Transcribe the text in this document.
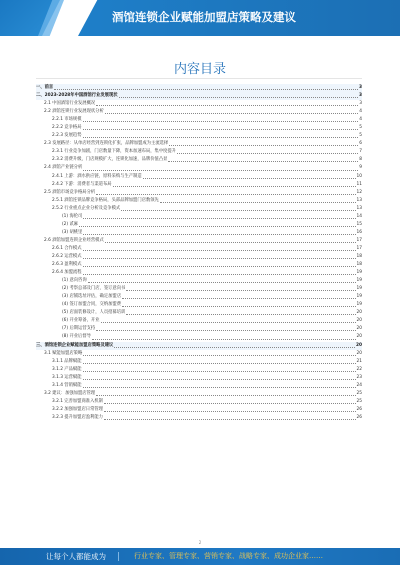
酒馆连锁企业赋能加盟店策略及建议
内容目录
一、前言	3
二、2023-2028年中国酒馆行业发展现状	3
2.1 中国酒馆行业发展概况	3
2.2 酒馆连锁行业发展现状分析	4
2.2.1 市场规模	4
2.2.2 竞争格局	5
2.2.3 发展趋势	5
2.3 发展路径：从单店经营到连锁化扩张，品牌加盟成为主流选择	6
2.3.1 行业竞争加剧，门店数量下降，资本加速布局，集中度提升	7
2.3.2 消费升级，门店规模扩大，连锁化加速，品牌价值凸显	8
2.4 酒馆产业链分析	9
2.4.1 上游：酒水供应链，原料采购与生产制造	10
2.4.2 下游：消费者与渠道布局	11
2.5 酒馆市场竞争格局分析	12
2.5.1 酒馆连锁品牌竞争格局，头部品牌加盟门店数领先	13
2.5.2 行业重点企业分析及竞争模式	13
(1) 海伦司	14
(2) 贰麻	15
(3) 胡桃里	16
2.6 酒馆加盟连锁企业经营模式	17
2.6.1 合作模式	17
2.6.2 运营模式	18
2.6.3 盈利模式	18
2.6.4 加盟流程	19
(1) 意向咨询	19
(2) 考察总部及门店，签订意向书	19
(3) 店铺选址评估，确定加盟店	19
(4) 签订加盟合同，交纳加盟费	19
(5) 店面装修设计，人员招募培训	20
(6) 开业筹备，开业	20
(7) 后期运营支持	20
(8) 开业后督导	20
三、酒馆连锁企业赋能加盟店策略及建议	20
3.1 赋能加盟店策略	20
3.1.1 品牌赋能	21
3.1.2 产品赋能	22
3.1.3 运营赋能	23
3.1.4 营销赋能	24
3.2 建议：加强加盟店管理	25
3.2.1 完善加盟商准入机制	25
3.2.2 加强加盟店日常管理	26
3.2.3 提升加盟店盈利能力	26
2
让每个人都能成为	行业专家、管理专家、营销专家、战略专家、成功企业家……
